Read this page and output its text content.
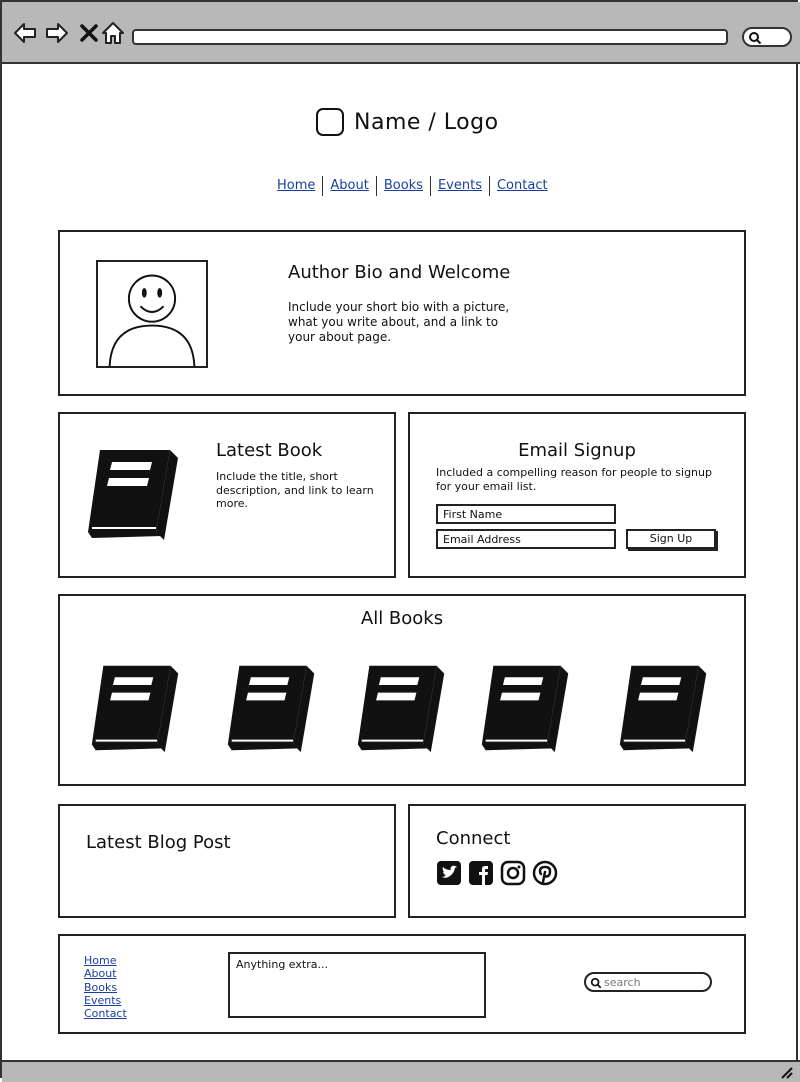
Name / Logo
Home	About	Books	Events	Contact
Author Bio and Welcome
Include your short bio with a picture, what you write about, and a link to your about page.
Latest Book
Include the title, short description, and link to learn more.
Email Signup
Included a compelling reason for people to signup for your email list.
First Name
Email Address	Sign Up
All Books
Latest Blog Post	Connect
Home
About
Books
Events
Contact
Anything extra...
search
